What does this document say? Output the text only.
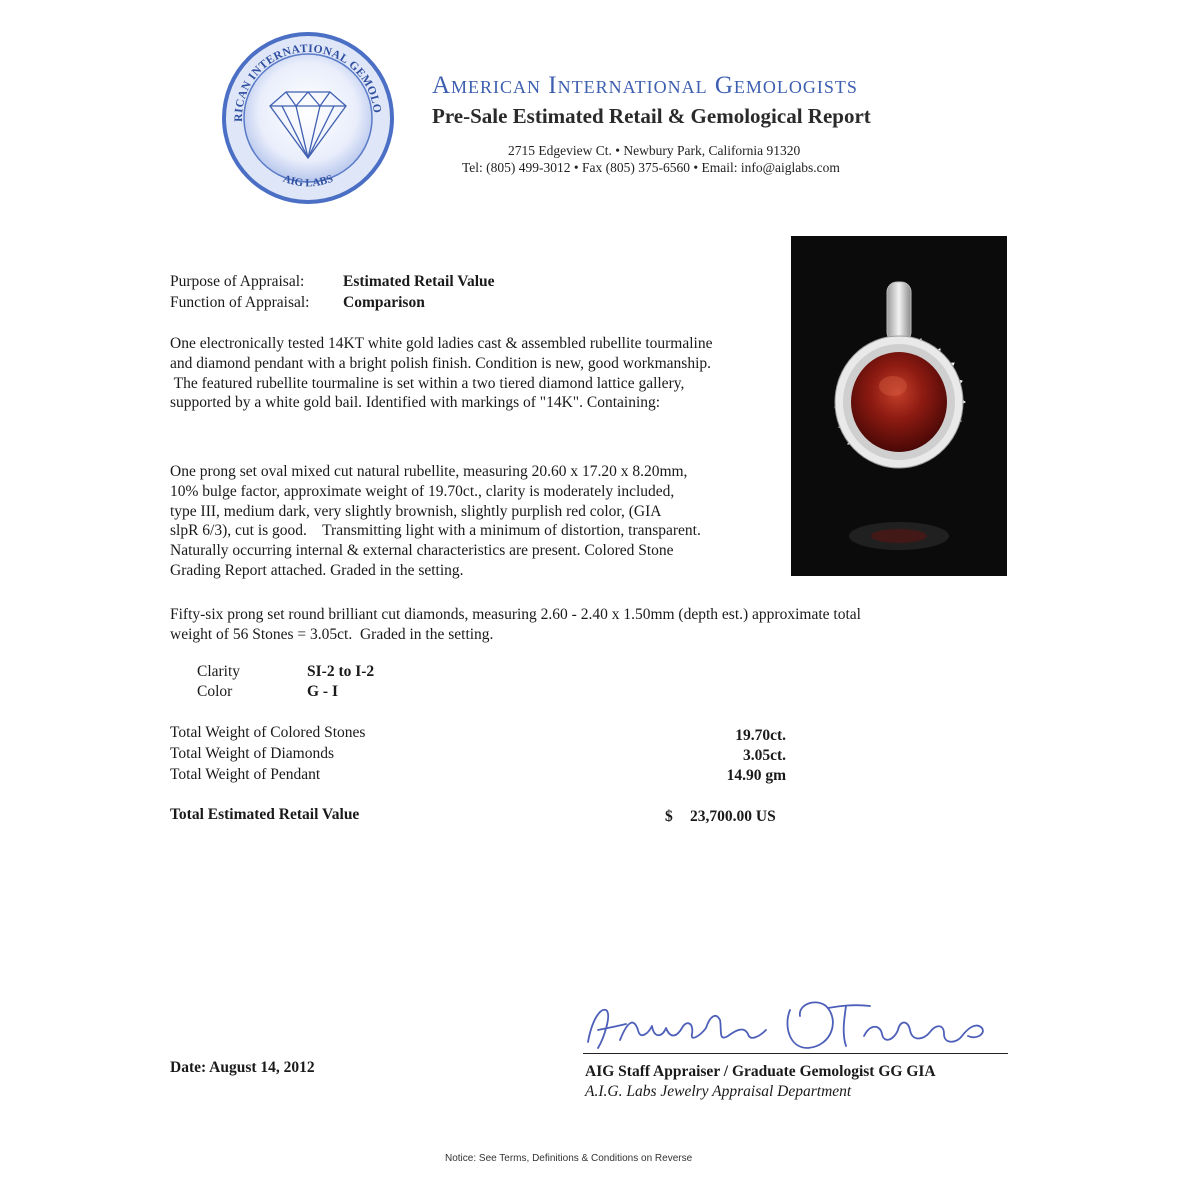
RICAN INTERNATIONAL GEMOLO
AIG LABS
American International Gemologists
Pre-Sale Estimated Retail & Gemological Report
2715 Edgeview Ct. • Newbury Park, California 91320
Tel: (805) 499-3012 • Fax (805) 375-6560 • Email: info@aiglabs.com
Purpose of Appraisal: Estimated Retail Value
Function of Appraisal: Comparison
One electronically tested 14KT white gold ladies cast & assembled rubellite tourmaline
and diamond pendant with a bright polish finish. Condition is new, good workmanship.
The featured rubellite tourmaline is set within a two tiered diamond lattice gallery,
supported by a white gold bail. Identified with markings of "14K". Containing:
One prong set oval mixed cut natural rubellite, measuring 20.60 x 17.20 x 8.20mm,
10% bulge factor, approximate weight of 19.70ct., clarity is moderately included,
type III, medium dark, very slightly brownish, slightly purplish red color, (GIA
slpR 6/3), cut is good.    Transmitting light with a minimum of distortion, transparent.
Naturally occurring internal & external characteristics are present. Colored Stone
Grading Report attached. Graded in the setting.
Fifty-six prong set round brilliant cut diamonds, measuring 2.60 - 2.40 x 1.50mm (depth est.) approximate total
weight of 56 Stones = 3.05ct.  Graded in the setting.
Clarity	SI-2 to I-2
Color	G - I
Total Weight of Colored Stones	19.70ct.
Total Weight of Diamonds	3.05ct.
Total Weight of Pendant	14.90 gm
Total Estimated Retail Value	$ 23,700.00 US
Date: August 14, 2012	AIG Staff Appraiser / Graduate Gemologist GG GIA
A.I.G. Labs Jewelry Appraisal Department
Notice: See Terms, Definitions & Conditions on Reverse
